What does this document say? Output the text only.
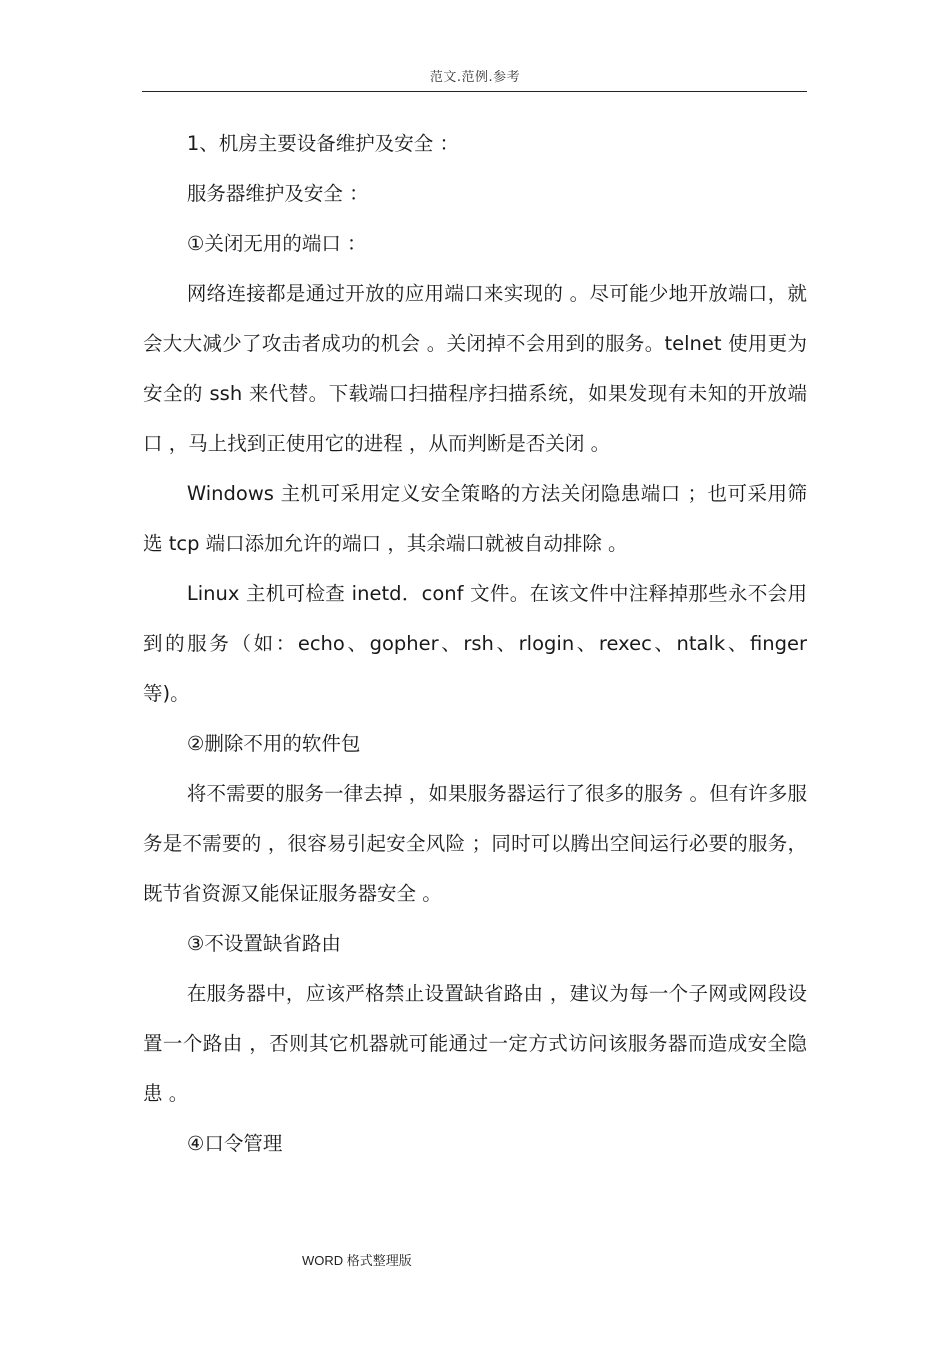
范文.范例.参考

1、机房主要设备维护及安全 ：

服务器维护及安全 ：

①关闭无用的端口 ：

网络连接都是通过开放的应用端口来实现的 。尽可能少地开放端口，就会大大减少了攻击者成功的机会 。关闭掉不会用到的服务。telnet 使用更为安全的 ssh 来代替。下载端口扫描程序扫描系统，如果发现有未知的开放端口 ，马上找到正使用它的进程 ，从而判断是否关闭 。

Windows 主机可采用定义安全策略的方法关闭隐患端口 ；也可采用筛选 tcp 端口添加允许的端口 ，其余端口就被自动排除 。

Linux 主机可检查 inetd．conf 文件。在该文件中注释掉那些永不会用到的服务（如：echo、gopher、rsh、rlogin、rexec、ntalk、finger 等)。

②删除不用的软件包

将不需要的服务一律去掉 ，如果服务器运行了很多的服务 。但有许多服务是不需要的 ，很容易引起安全风险 ；同时可以腾出空间运行必要的服务，既节省资源又能保证服务器安全 。

③不设置缺省路由

在服务器中，应该严格禁止设置缺省路由 ，建议为每一个子网或网段设置一个路由 ，否则其它机器就可能通过一定方式访问该服务器而造成安全隐患 。

④口令管理

WORD 格式整理版
